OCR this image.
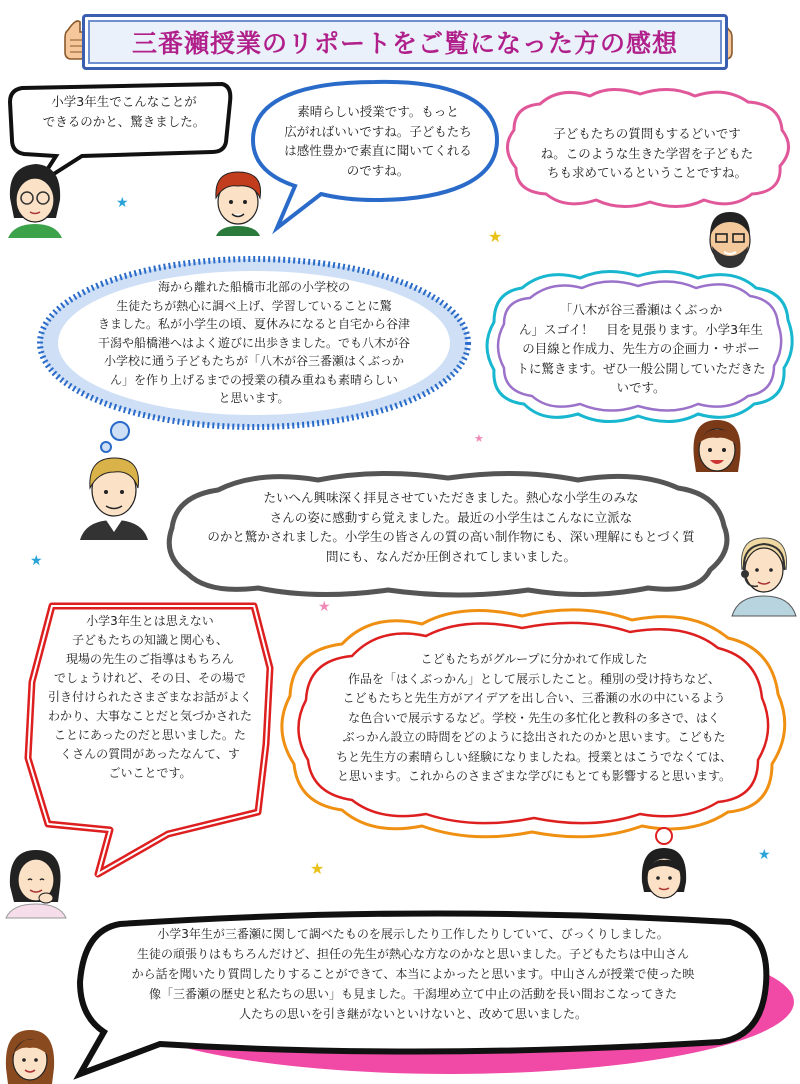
三番瀬授業のリポートをご覧になった方の感想
小学3年生でこんなことが
できるのかと、驚きました。
素晴らしい授業です。もっと
広がればいいですね。子どもたち
は感性豊かで素直に聞いてくれる
のですね。
子どもたちの質問もするどいです
ね。このような生きた学習を子どもた
ちも求めているということですね。
海から離れた船橋市北部の小学校の
生徒たちが熱心に調べ上げ、学習していることに驚
きました。私が小学生の頃、夏休みになると自宅から谷津
干潟や船橋港へはよく遊びに出歩きました。でも八木が谷
小学校に通う子どもたちが「八木が谷三番瀬はくぶっか
ん」を作り上げるまでの授業の積み重ねも素晴らしい
と思います。
「八木が谷三番瀬はくぶっか
ん」スゴイ！　目を見張ります。小学3年生
の目線と作成力、先生方の企画力・サポー
トに驚きます。ぜひ一般公開していただきた
いです。
たいへん興味深く拝見させていただきました。熱心な小学生のみな
さんの姿に感動すら覚えました。最近の小学生はこんなに立派な
のかと驚かされました。小学生の皆さんの質の高い制作物にも、深い理解にもとづく質
問にも、なんだか圧倒されてしまいました。
小学3年生とは思えない
子どもたちの知識と関心も、
現場の先生のご指導はもちろん
でしょうけれど、その日、その場で
引き付けられたさまざまなお話がよく
わかり、大事なことだと気づかされた
ことにあったのだと思いました。た
くさんの質問があったなんて、す
ごいことです。
こどもたちがグループに分かれて作成した
作品を「はくぶっかん」として展示したこと。種別の受け持ちなど、
こどもたちと先生方がアイデアを出し合い、三番瀬の水の中にいるよう
な色合いで展示するなど。学校・先生の多忙化と教科の多さで、はく
ぶっかん設立の時間をどのように捻出されたのかと思います。こどもた
ちと先生方の素晴らしい経験になりましたね。授業とはこうでなくては、
と思います。これからのさまざまな学びにもとても影響すると思います。
小学3年生が三番瀬に関して調べたものを展示したり工作したりしていて、びっくりしました。
生徒の頑張りはもちろんだけど、担任の先生が熱心な方なのかなと思いました。子どもたちは中山さん
から話を聞いたり質問したりすることができて、本当によかったと思います。中山さんが授業で使った映
像「三番瀬の歴史と私たちの思い」も見ました。干潟埋め立て中止の活動を長い間おこなってきた
人たちの思いを引き継がないといけないと、改めて思いました。
★
★
★
★
★
★
★
